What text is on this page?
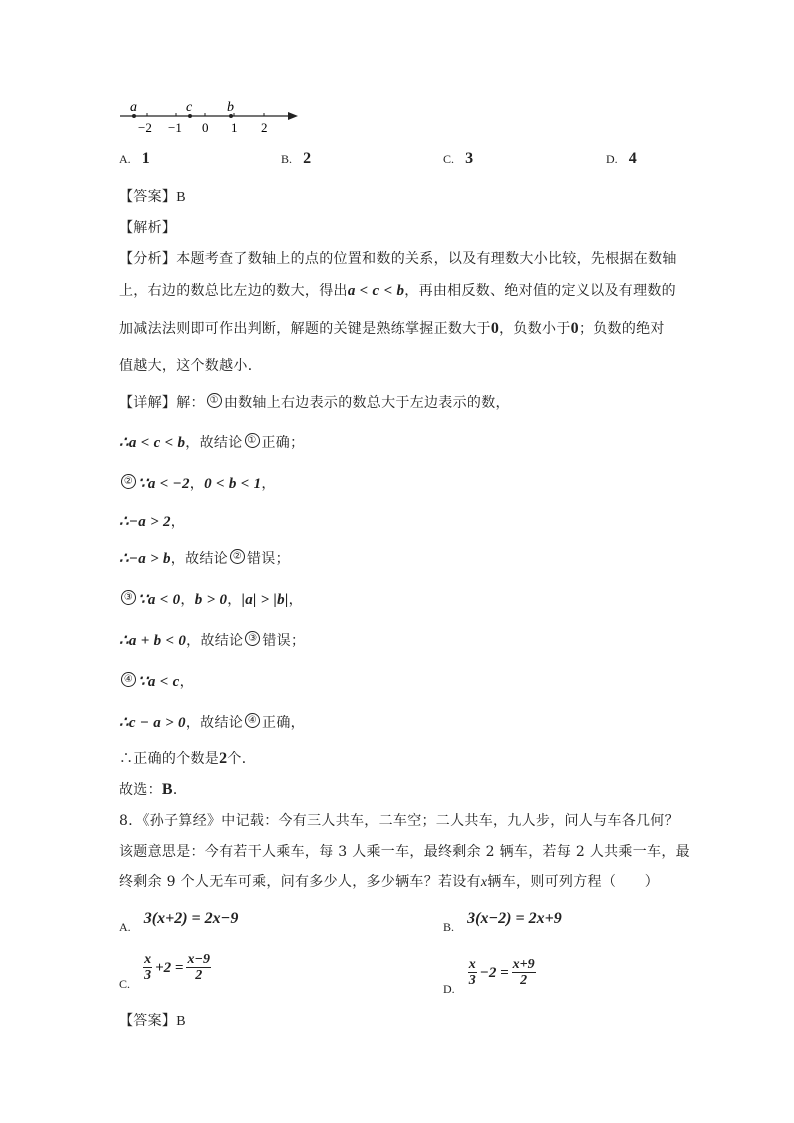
a	c b
−2 −1 0 1 2
A. 1	B. 2	C. 3	D. 4
【答案】B
【解析】
【分析】本题考查了数轴上的点的位置和数的关系，以及有理数大小比较，先根据在数轴
上，右边的数总比左边的数大，得出a < c < b，再由相反数、绝对值的定义以及有理数的
加减法法则即可作出判断，解题的关键是熟练掌握正数大于0，负数小于0；负数的绝对
值越大，这个数越小．
【详解】解： ① 由数轴上右边表示的数总大于左边表示的数，
∴a < c < b，故结论 ① 正确；
② ∵a < −2，0 < b < 1，
∴−a > 2，
∴−a > b，故结论 ② 错误；
③ ∵a < 0，b > 0，|a| > |b|，
∴a + b < 0，故结论 ③ 错误；
④ ∵a < c，
∴c − a > 0，故结论 ④ 正确，
∴正确的个数是2个．
故选：B．
8．《孙子算经》中记载：今有三人共车，二车空；二人共车，九人步，问人与车各几何？
该题意思是：今有若干人乘车，每 3 人乘一车，最终剩余 2 辆车，若每 2 人共乘一车，最
终剩余 9 个人无车可乘，问有多少人，多少辆车？若设有x辆车，则可列方程（　　）
$_{A.}$ 3(x+2) = 2x−9	$_{B.}$ 3(x−2) = 2x+9
$_{C.}$
$\frac{x}{3} +2 = \frac{x-9}{2}$
$_{D.}$
$\frac{x}{3} -2 = \frac{x+9}{2}$
【答案】B
